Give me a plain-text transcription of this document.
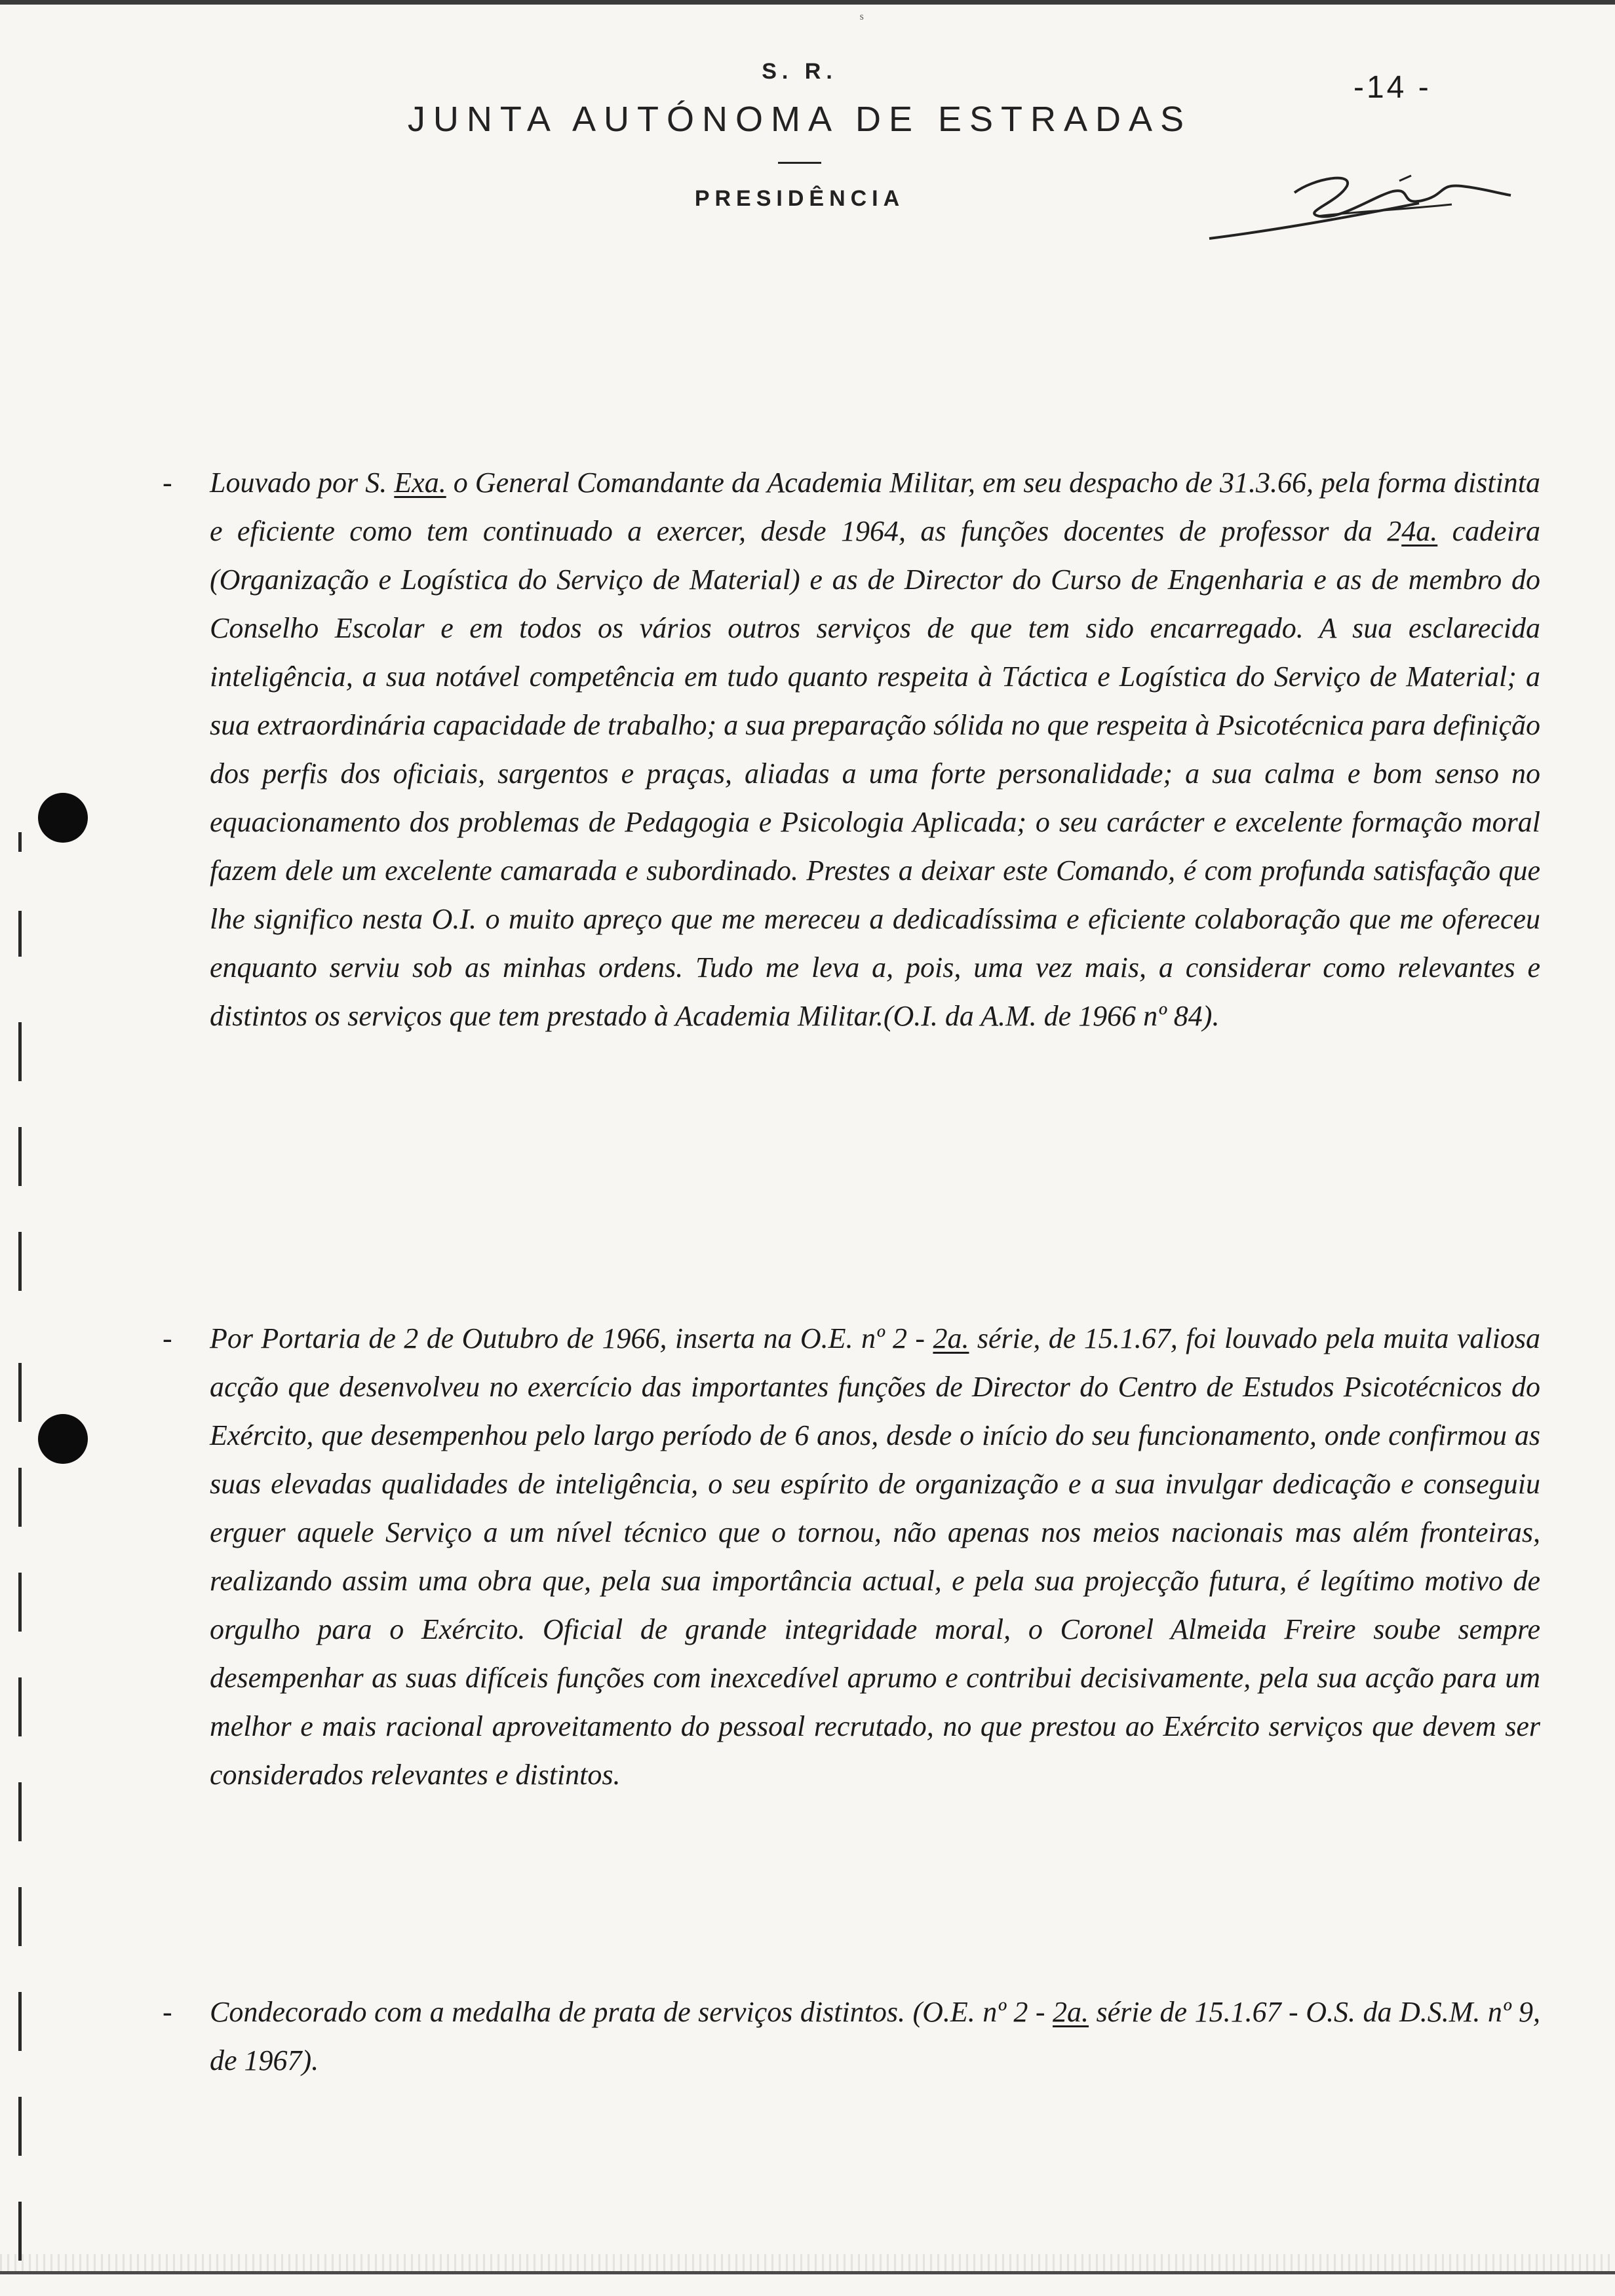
ˢ
S. R.
JUNTA AUTÓNOMA DE ESTRADAS
PRESIDÊNCIA
-14 -

- Louvado por S. Exa. o General Comandante da Academia Militar, em seu despacho de 31.3.66, pela forma distinta e eficiente como tem continuado a exercer, desde 1964, as funções docentes de professor da 24a. cadeira (Organização e Logística do Serviço de Material) e as de Director do Curso de Engenharia e as de membro do Conselho Escolar e em todos os vários outros serviços de que tem sido encarregado. A sua esclarecida inteligência, a sua notável competência em tudo quanto respeita à Táctica e Logística do Serviço de Material; a sua extraordinária capacidade de trabalho; a sua preparação sólida no que respeita à Psicotécnica para definição dos perfis dos oficiais, sargentos e praças, aliadas a uma forte personalidade; a sua calma e bom senso no equacionamento dos problemas de Pedagogia e Psicologia Aplicada; o seu carácter e excelente formação moral fazem dele um excelente camarada e subordinado. Prestes a deixar este Comando, é com profunda satisfação que lhe significo nesta O.I. o muito apreço que me mereceu a dedicadíssima e eficiente colaboração que me ofereceu enquanto serviu sob as minhas ordens. Tudo me leva a, pois, uma vez mais, a considerar como relevantes e distintos os serviços que tem prestado à Academia Militar.(O.I. da A.M. de 1966 nº 84).

- Por Portaria de 2 de Outubro de 1966, inserta na O.E. nº 2 - 2a. série, de 15.1.67, foi louvado pela muita valiosa acção que desenvolveu no exercício das importantes funções de Director do Centro de Estudos Psicotécnicos do Exército, que desempenhou pelo largo período de 6 anos, desde o início do seu funcionamento, onde confirmou as suas elevadas qualidades de inteligência, o seu espírito de organização e a sua invulgar dedicação e conseguiu erguer aquele Serviço a um nível técnico que o tornou, não apenas nos meios nacionais mas além fronteiras, realizando assim uma obra que, pela sua importância actual, e pela sua projecção futura, é legítimo motivo de orgulho para o Exército. Oficial de grande integridade moral, o Coronel Almeida Freire soube sempre desempenhar as suas difíceis funções com inexcedível aprumo e contribui decisivamente, pela sua acção para um melhor e mais racional aproveitamento do pessoal recrutado, no que prestou ao Exército serviços que devem ser considerados relevantes e distintos.

- Condecorado com a medalha de prata de serviços distintos. (O.E. nº 2 - 2a. série de 15.1.67 - O.S. da D.S.M. nº 9, de 1967).
